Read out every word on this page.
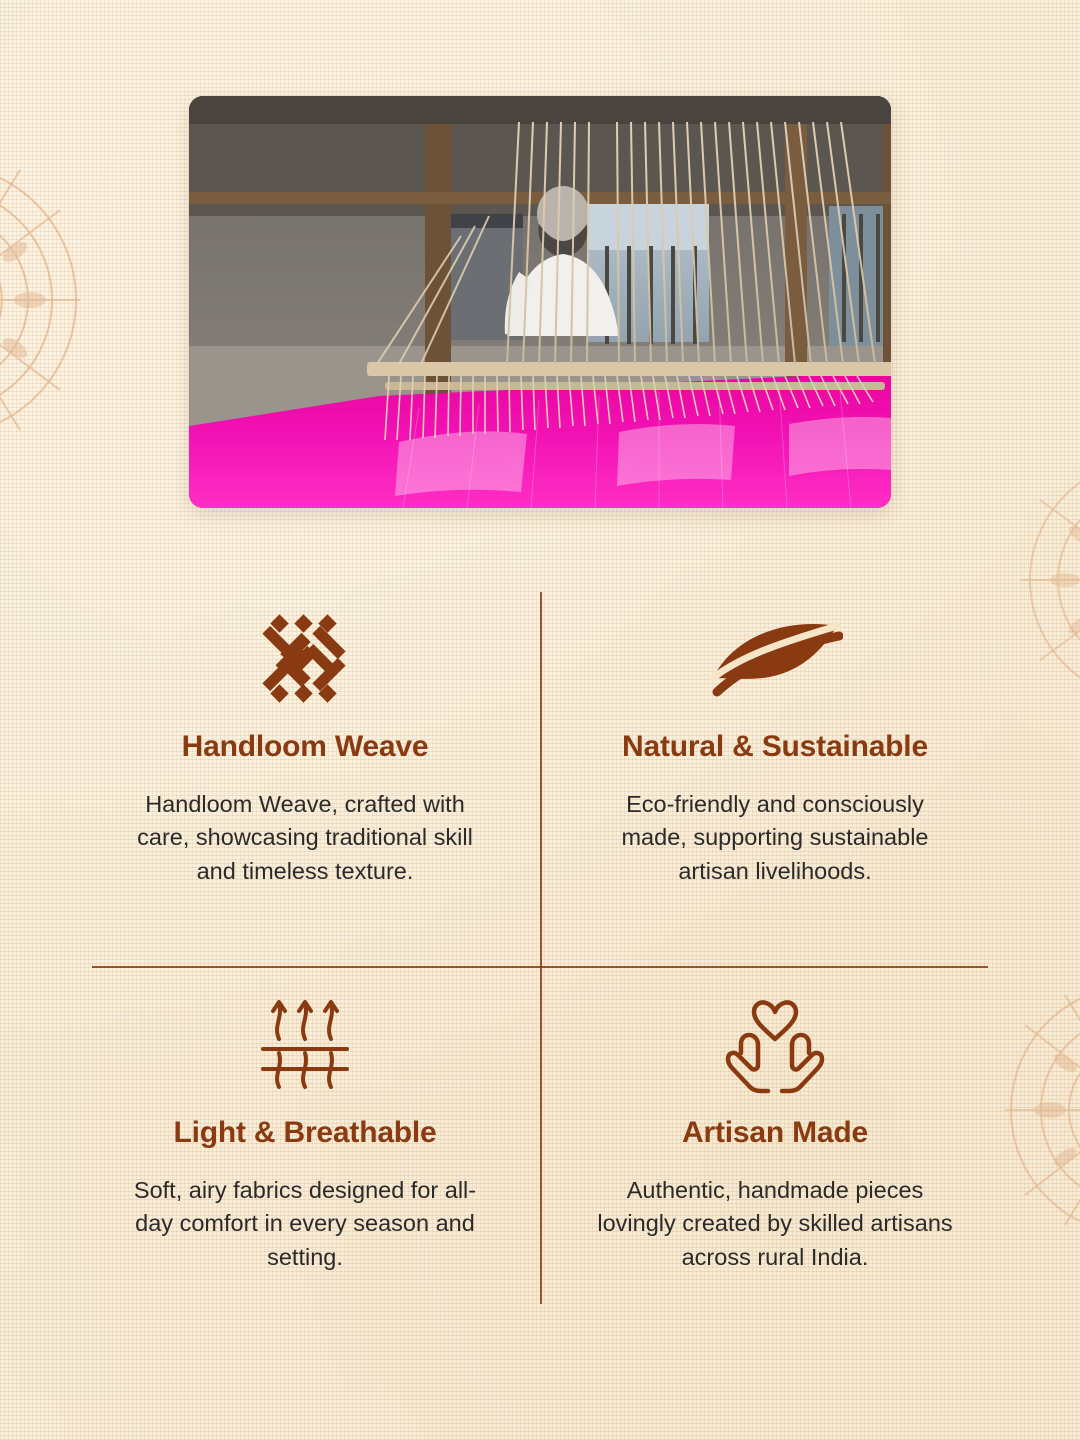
Handloom Weave
Handloom Weave, crafted with care, showcasing traditional skill and timeless texture.
Natural & Sustainable
Eco-friendly and consciously made, supporting sustainable artisan livelihoods.
Light & Breathable
Soft, airy fabrics designed for all-day comfort in every season and setting.
Artisan Made
Authentic, handmade pieces lovingly created by skilled artisans across rural India.
